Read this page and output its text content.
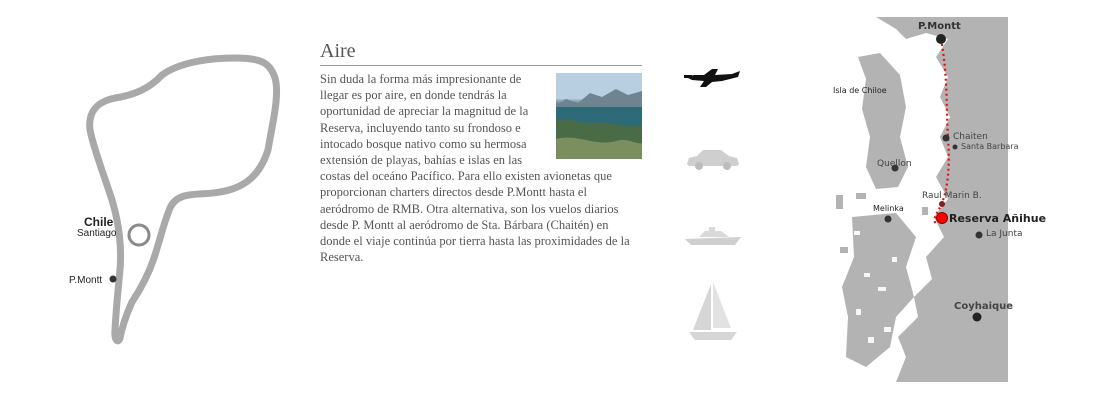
Chile
Santiago
P.Montt
Aire

Sin duda la forma más impresionante de llegar es por aire, en donde tendrás la oportunidad de apreciar la magnitud de la Reserva, incluyendo tanto su frondoso e intocado bosque nativo como su hermosa extensión de playas, bahías e islas en las costas del oceáno Pacífico. Para ello existen avionetas que proporcionan charters directos desde P.Montt hasta el aeródromo de RMB. Otra alternativa, son los vuelos diarios desde P. Montt al aeródromo de Sta. Bárbara (Chaitén) en donde el viaje continúa por tierra hasta las proximidades de la Reserva.

P.Montt
Isla de Chiloe
Chaiten
Santa Barbara
Quellon
Raul Marin B.
Melinka
Reserva Añihue
La Junta
Coyhaique
